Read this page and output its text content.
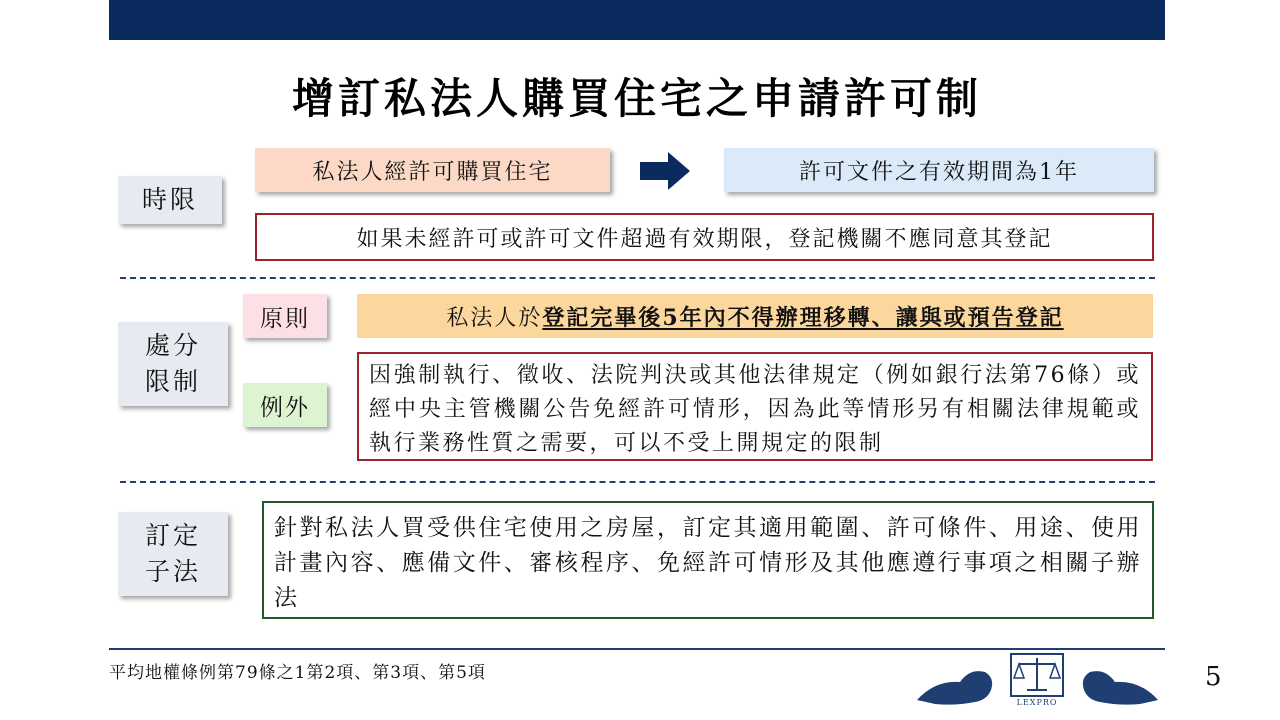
增訂私法人購買住宅之申請許可制
時限
私法人經許可購買住宅	許可文件之有效期間為1年
如果未經許可或許可文件超過有效期限，登記機關不應同意其登記
處分
限制
原則	私法人於 登記完畢後5年內不得辦理移轉、讓與或預告登記
例外
因強制執行、徵收、法院判決或其他法律規定（例如銀行法第76條）或經中央主管機關公告免經許可情形，因為此等情形另有相關法律規範或執行業務性質之需要，可以不受上開規定的限制
訂定
子法
針對私法人買受供住宅使用之房屋，訂定其適用範圍、許可條件、用途、使用計畫內容、應備文件、審核程序、免經許可情形及其他應遵行事項之相關子辦法
平均地權條例第79條之1第2項、第3項、第5項
LEXPRO
5
